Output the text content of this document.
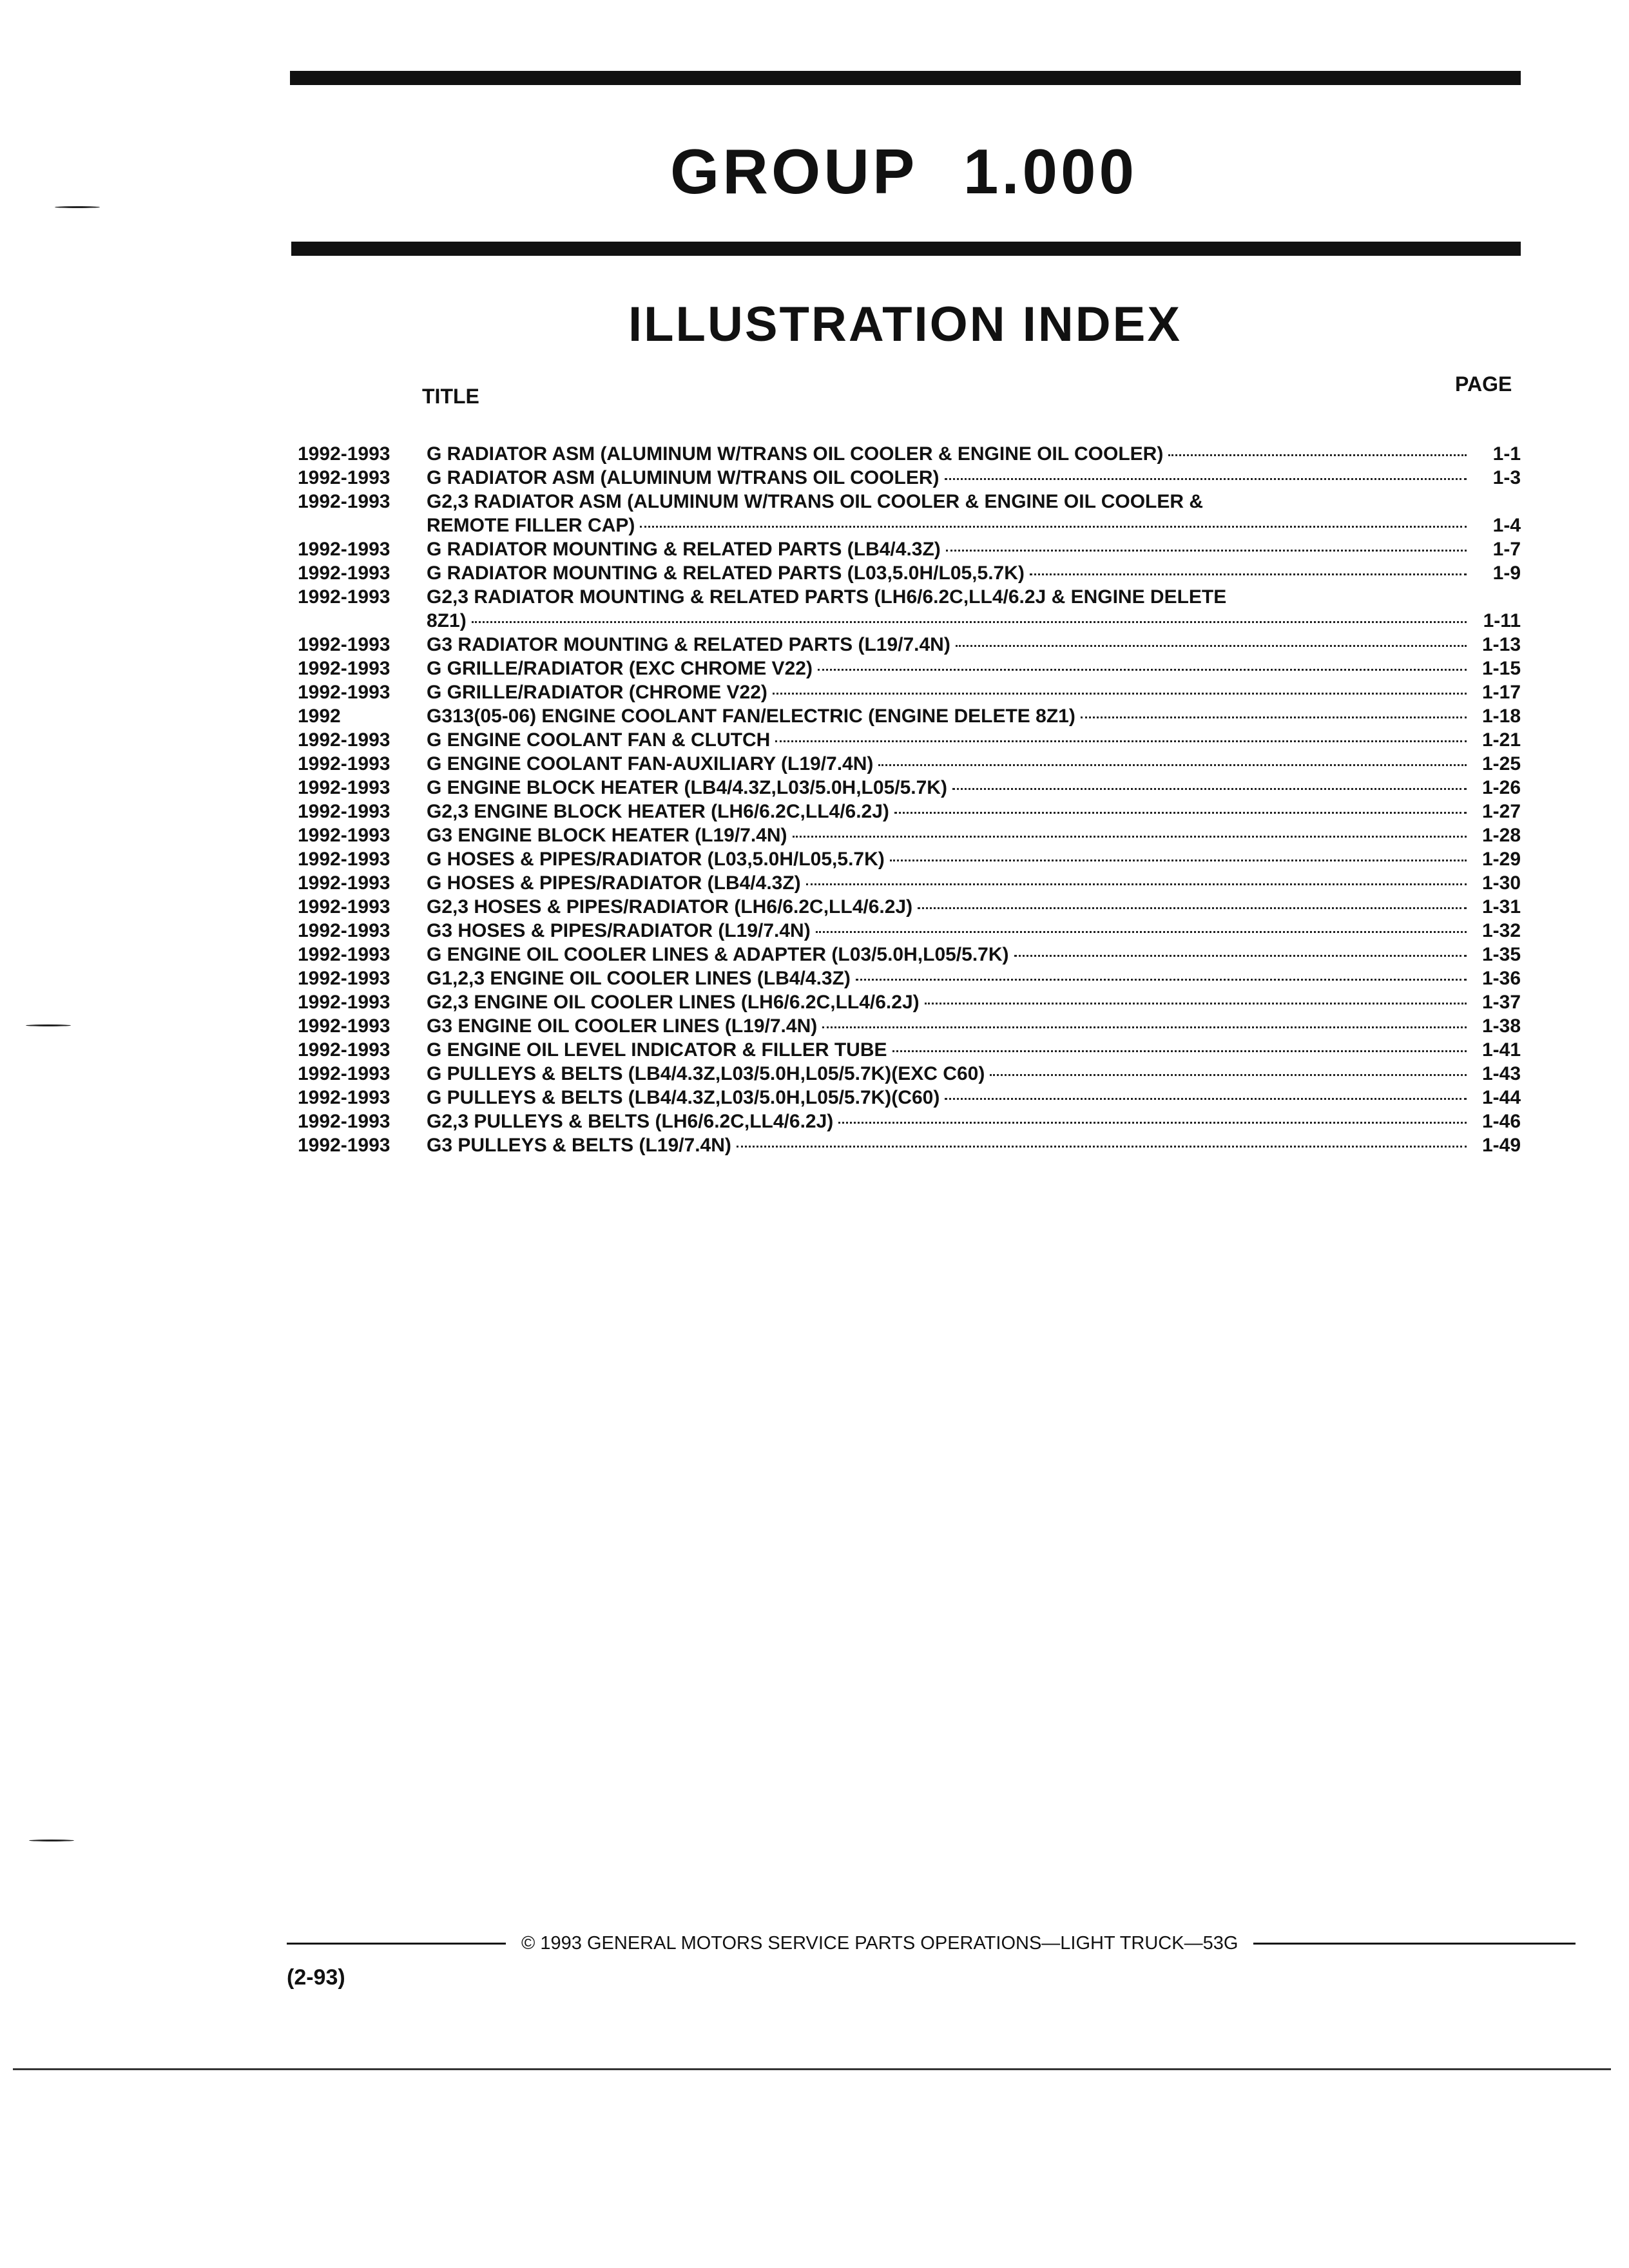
GROUP 1.000
ILLUSTRATION INDEX
TITLE
PAGE
1992-1993	G RADIATOR ASM (ALUMINUM W/TRANS OIL COOLER & ENGINE OIL COOLER)	1-1
1992-1993	G RADIATOR ASM (ALUMINUM W/TRANS OIL COOLER)	1-3
1992-1993	G2,3 RADIATOR ASM (ALUMINUM W/TRANS OIL COOLER & ENGINE OIL COOLER &
REMOTE FILLER CAP)	1-4
1992-1993	G RADIATOR MOUNTING & RELATED PARTS (LB4/4.3Z)	1-7
1992-1993	G RADIATOR MOUNTING & RELATED PARTS (L03,5.0H/L05,5.7K)	1-9
1992-1993	G2,3 RADIATOR MOUNTING & RELATED PARTS (LH6/6.2C,LL4/6.2J & ENGINE DELETE
8Z1)	1-11
1992-1993	G3 RADIATOR MOUNTING & RELATED PARTS (L19/7.4N)	1-13
1992-1993	G GRILLE/RADIATOR (EXC CHROME V22)	1-15
1992-1993	G GRILLE/RADIATOR (CHROME V22)	1-17
1992	G313(05-06) ENGINE COOLANT FAN/ELECTRIC (ENGINE DELETE 8Z1)	1-18
1992-1993	G ENGINE COOLANT FAN & CLUTCH	1-21
1992-1993	G ENGINE COOLANT FAN-AUXILIARY (L19/7.4N)	1-25
1992-1993	G ENGINE BLOCK HEATER (LB4/4.3Z,L03/5.0H,L05/5.7K)	1-26
1992-1993	G2,3 ENGINE BLOCK HEATER (LH6/6.2C,LL4/6.2J)	1-27
1992-1993	G3 ENGINE BLOCK HEATER (L19/7.4N)	1-28
1992-1993	G HOSES & PIPES/RADIATOR (L03,5.0H/L05,5.7K)	1-29
1992-1993	G HOSES & PIPES/RADIATOR (LB4/4.3Z)	1-30
1992-1993	G2,3 HOSES & PIPES/RADIATOR (LH6/6.2C,LL4/6.2J)	1-31
1992-1993	G3 HOSES & PIPES/RADIATOR (L19/7.4N)	1-32
1992-1993	G ENGINE OIL COOLER LINES & ADAPTER (L03/5.0H,L05/5.7K)	1-35
1992-1993	G1,2,3 ENGINE OIL COOLER LINES (LB4/4.3Z)	1-36
1992-1993	G2,3 ENGINE OIL COOLER LINES (LH6/6.2C,LL4/6.2J)	1-37
1992-1993	G3 ENGINE OIL COOLER LINES (L19/7.4N)	1-38
1992-1993	G ENGINE OIL LEVEL INDICATOR & FILLER TUBE	1-41
1992-1993	G PULLEYS & BELTS (LB4/4.3Z,L03/5.0H,L05/5.7K)(EXC C60)	1-43
1992-1993	G PULLEYS & BELTS (LB4/4.3Z,L03/5.0H,L05/5.7K)(C60)	1-44
1992-1993	G2,3 PULLEYS & BELTS (LH6/6.2C,LL4/6.2J)	1-46
1992-1993	G3 PULLEYS & BELTS (L19/7.4N)	1-49
© 1993 GENERAL MOTORS SERVICE PARTS OPERATIONS—LIGHT TRUCK—53G
(2-93)
